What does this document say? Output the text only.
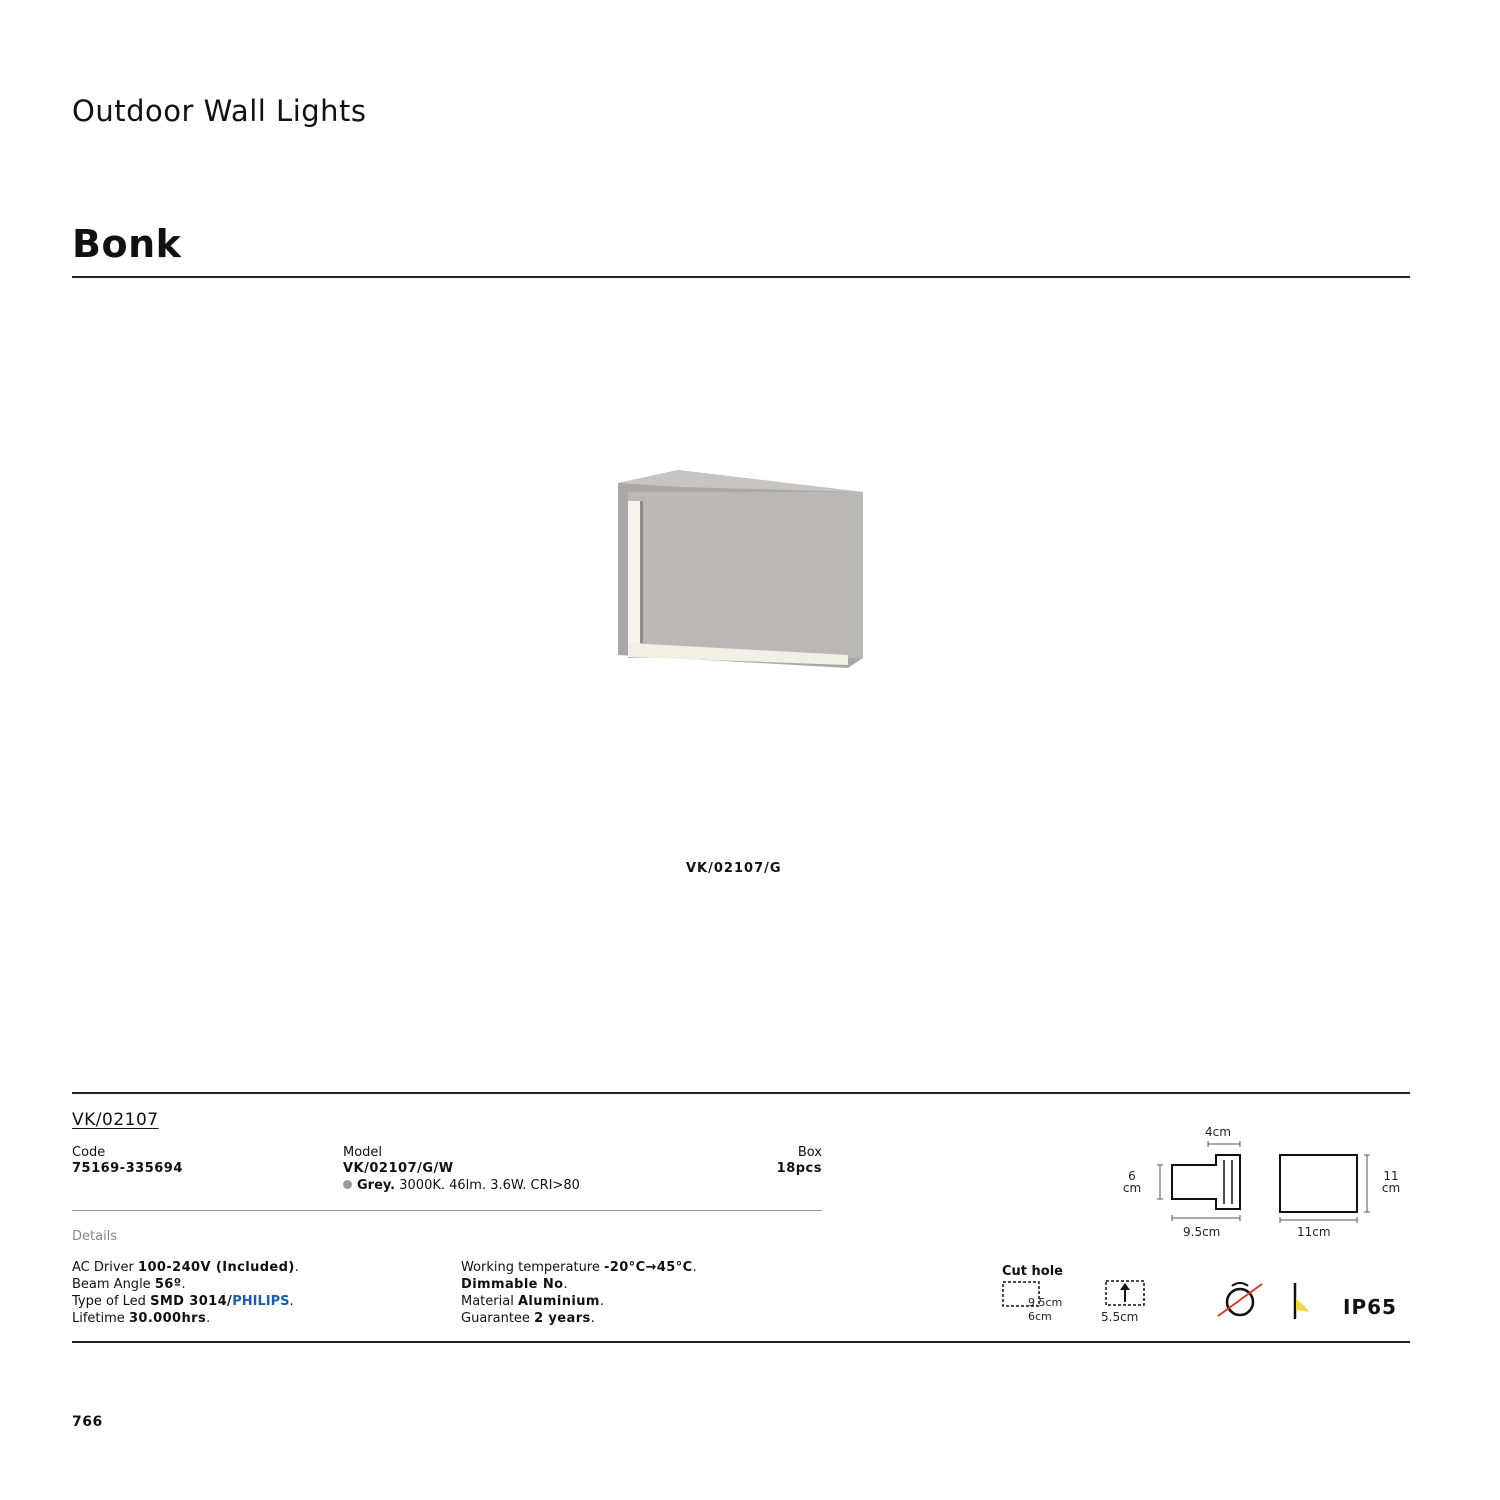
Outdoor Wall Lights
Bonk
VK/02107/G
VK/02107
Code
75169-335694
Model
VK/02107/G/W
Grey. 3000K. 46lm. 3.6W. CRI>80
Box
18pcs
Details
AC Driver 100-240V (Included).
Beam Angle 56º.
Type of Led SMD 3014/PHILIPS.
Lifetime 30.000hrs.
Working temperature -20°C→45°C.
Dimmable No.
Material Aluminium.
Guarantee 2 years.
4cm
6
cm
9.5cm
11
cm
11cm
Cut hole
9.5cm
6cm	5.5cm	IP65
766
